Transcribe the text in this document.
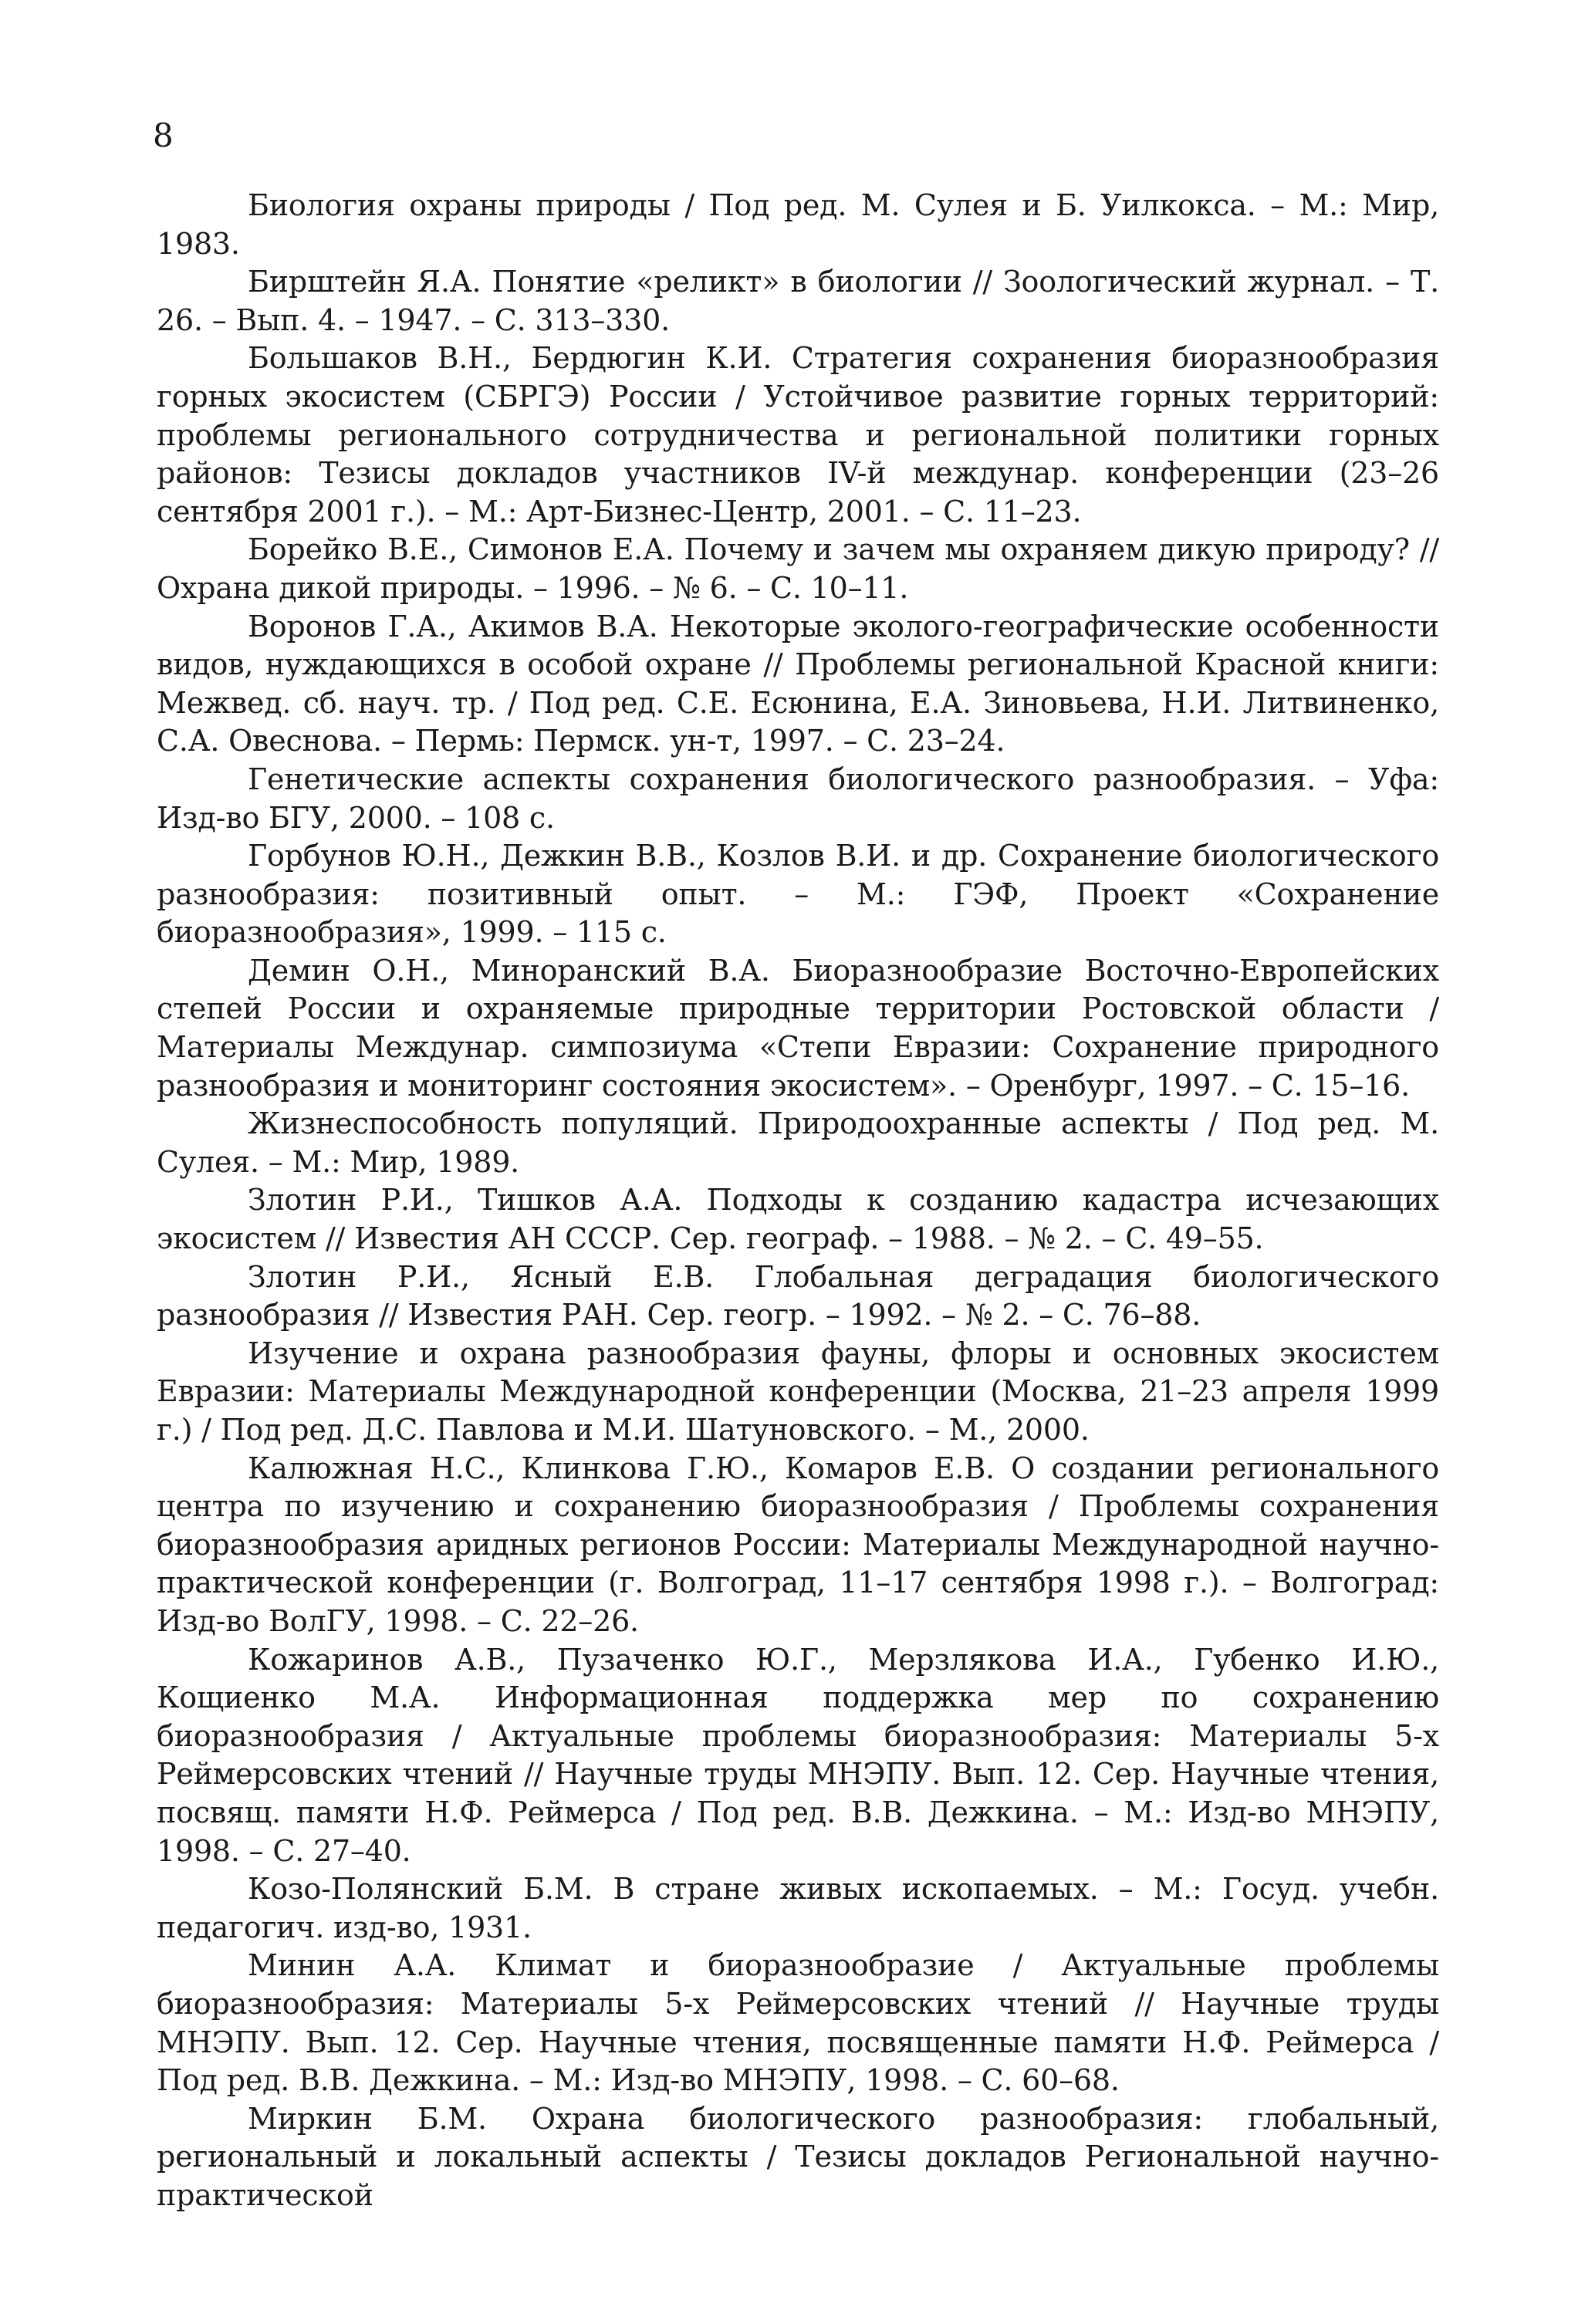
8
Биология охраны природы / Под ред. М. Сулея и Б. Уилкокса. – М.: Мир, 1983.
Бирштейн Я.А. Понятие «реликт» в биологии // Зоологический журнал. – Т. 26. – Вып. 4. – 1947. – С. 313–330.
Большаков В.Н., Бердюгин К.И. Стратегия сохранения биоразнообразия горных экосистем (СБРГЭ) России / Устойчивое развитие горных территорий: проблемы регионального сотрудничества и региональной политики горных районов: Тезисы докладов участников IV-й междунар. конференции (23–26 сентября 2001 г.). – М.: Арт-Бизнес-Центр, 2001. – С. 11–23.
Борейко В.Е., Симонов Е.А. Почему и зачем мы охраняем дикую природу? // Охрана дикой природы. – 1996. – № 6. – С. 10–11.
Воронов Г.А., Акимов В.А. Некоторые эколого-географические особенности видов, нуждающихся в особой охране // Проблемы региональной Красной книги: Межвед. сб. науч. тр. / Под ред. С.Е. Есюнина, Е.А. Зиновьева, Н.И. Литвиненко, С.А. Овеснова. – Пермь: Пермск. ун-т, 1997. – С. 23–24.
Генетические аспекты сохранения биологического разнообразия. – Уфа: Изд-во БГУ, 2000. – 108 с.
Горбунов Ю.Н., Дежкин В.В., Козлов В.И. и др. Сохранение биологического разнообразия: позитивный опыт. – М.: ГЭФ, Проект «Сохранение биоразнообразия», 1999. – 115 с.
Демин О.Н., Миноранский В.А. Биоразнообразие Восточно-Европейских степей России и охраняемые природные территории Ростовской области / Материалы Междунар. симпозиума «Степи Евразии: Сохранение природного разнообразия и мониторинг состояния экосистем». – Оренбург, 1997. – С. 15–16.
Жизнеспособность популяций. Природоохранные аспекты / Под ред. М. Сулея. – М.: Мир, 1989.
Злотин Р.И., Тишков А.А. Подходы к созданию кадастра исчезающих экосистем // Известия АН СССР. Сер. географ. – 1988. – № 2. – С. 49–55.
Злотин Р.И., Ясный Е.В. Глобальная деградация биологического разнообразия // Известия РАН. Сер. геогр. – 1992. – № 2. – С. 76–88.
Изучение и охрана разнообразия фауны, флоры и основных экосистем Евразии: Материалы Международной конференции (Москва, 21–23 апреля 1999 г.) / Под ред. Д.С. Павлова и М.И. Шатуновского. – М., 2000.
Калюжная Н.С., Клинкова Г.Ю., Комаров Е.В. О создании регионального центра по изучению и сохранению биоразнообразия / Проблемы сохранения биоразнообразия аридных регионов России: Материалы Международной научно-практической конференции (г. Волгоград, 11–17 сентября 1998 г.). – Волгоград: Изд-во ВолГУ, 1998. – С. 22–26.
Кожаринов А.В., Пузаченко Ю.Г., Мерзлякова И.А., Губенко И.Ю., Кощиенко М.А. Информационная поддержка мер по сохранению биоразнообразия / Актуальные проблемы биоразнообразия: Материалы 5-х Реймерсовских чтений // Научные труды МНЭПУ. Вып. 12. Сер. Научные чтения, посвящ. памяти Н.Ф. Реймерса / Под ред. В.В. Дежкина. – М.: Изд-во МНЭПУ, 1998. – С. 27–40.
Козо-Полянский Б.М. В стране живых ископаемых. – М.: Госуд. учебн. педагогич. изд-во, 1931.
Минин А.А. Климат и биоразнообразие / Актуальные проблемы биоразнообразия: Материалы 5-х Реймерсовских чтений // Научные труды МНЭПУ. Вып. 12. Сер. Научные чтения, посвященные памяти Н.Ф. Реймерса / Под ред. В.В. Дежкина. – М.: Изд-во МНЭПУ, 1998. – С. 60–68.
Миркин Б.М. Охрана биологического разнообразия: глобальный, региональный и локальный аспекты / Тезисы докладов Региональной научно-практической
